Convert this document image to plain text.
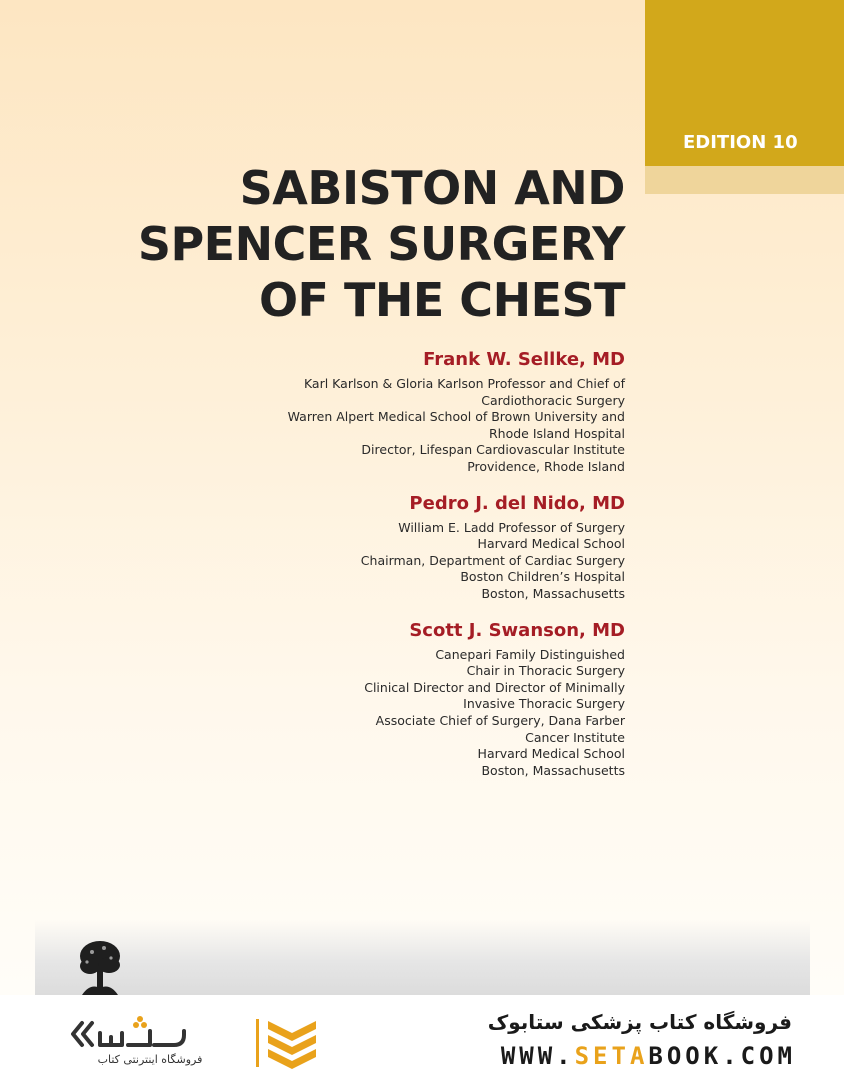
EDITION 10
SABISTON AND
SPENCER SURGERY
OF THE CHEST
Frank W. Sellke, MD
Karl Karlson & Gloria Karlson Professor and Chief of
Cardiothoracic Surgery
Warren Alpert Medical School of Brown University and
Rhode Island Hospital
Director, Lifespan Cardiovascular Institute
Providence, Rhode Island
Pedro J. del Nido, MD
William E. Ladd Professor of Surgery
Harvard Medical School
Chairman, Department of Cardiac Surgery
Boston Children’s Hospital
Boston, Massachusetts
Scott J. Swanson, MD
Canepari Family Distinguished
Chair in Thoracic Surgery
Clinical Director and Director of Minimally
Invasive Thoracic Surgery
Associate Chief of Surgery, Dana Farber
Cancer Institute
Harvard Medical School
Boston, Massachusetts
فروشگاه اینترنتی کتاب
فروشگاه کتاب پزشکی ستابوک
WWW.SETABOOK.COM
